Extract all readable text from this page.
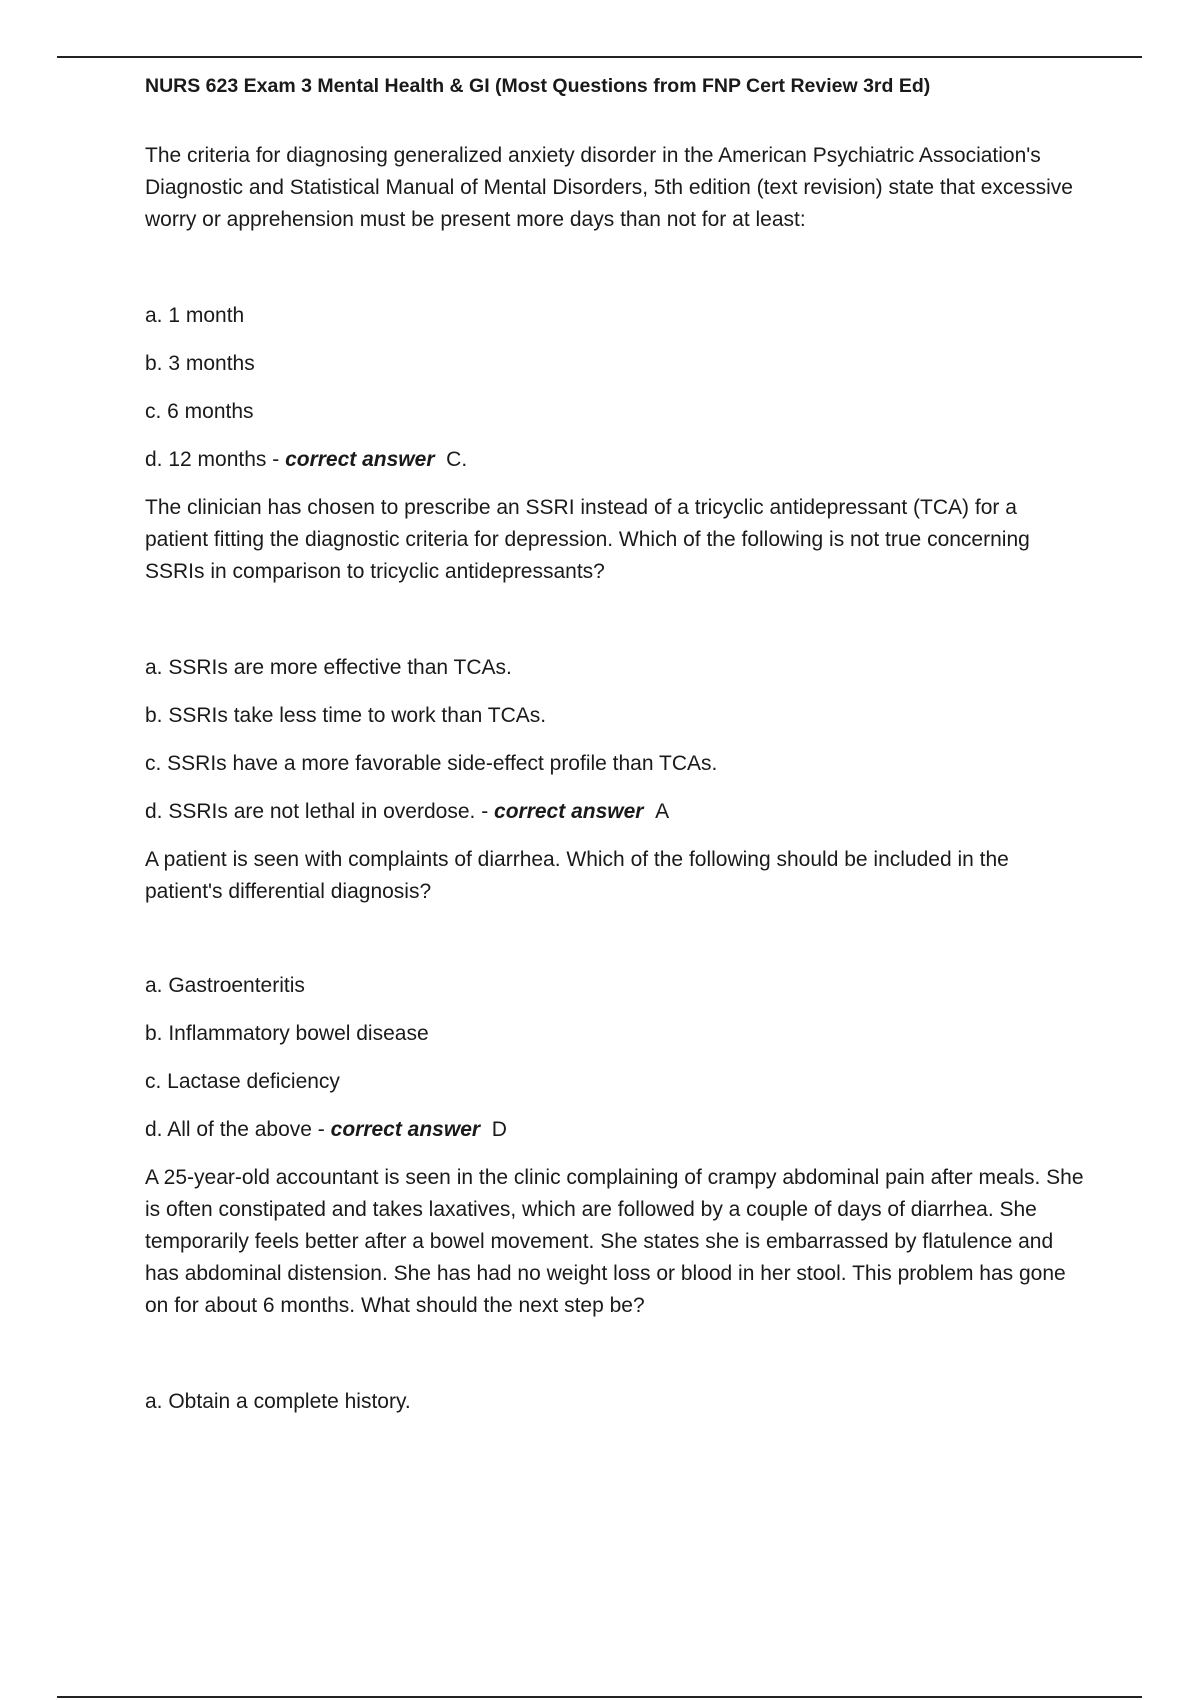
NURS 623 Exam 3 Mental Health & GI (Most Questions from FNP Cert Review 3rd Ed)

The criteria for diagnosing generalized anxiety disorder in the American Psychiatric Association's Diagnostic and Statistical Manual of Mental Disorders, 5th edition (text revision) state that excessive worry or apprehension must be present more days than not for at least:

a. 1 month

b. 3 months

c. 6 months

d. 12 months - correct answer C.

The clinician has chosen to prescribe an SSRI instead of a tricyclic antidepressant (TCA) for a patient fitting the diagnostic criteria for depression. Which of the following is not true concerning SSRIs in comparison to tricyclic antidepressants?

a. SSRIs are more effective than TCAs.

b. SSRIs take less time to work than TCAs.

c. SSRIs have a more favorable side-effect profile than TCAs.

d. SSRIs are not lethal in overdose. - correct answer A

A patient is seen with complaints of diarrhea. Which of the following should be included in the patient's differential diagnosis?

a. Gastroenteritis

b. Inflammatory bowel disease

c. Lactase deficiency

d. All of the above - correct answer D

A 25-year-old accountant is seen in the clinic complaining of crampy abdominal pain after meals. She is often constipated and takes laxatives, which are followed by a couple of days of diarrhea. She temporarily feels better after a bowel movement. She states she is embarrassed by flatulence and has abdominal distension. She has had no weight loss or blood in her stool. This problem has gone on for about 6 months. What should the next step be?

a. Obtain a complete history.
